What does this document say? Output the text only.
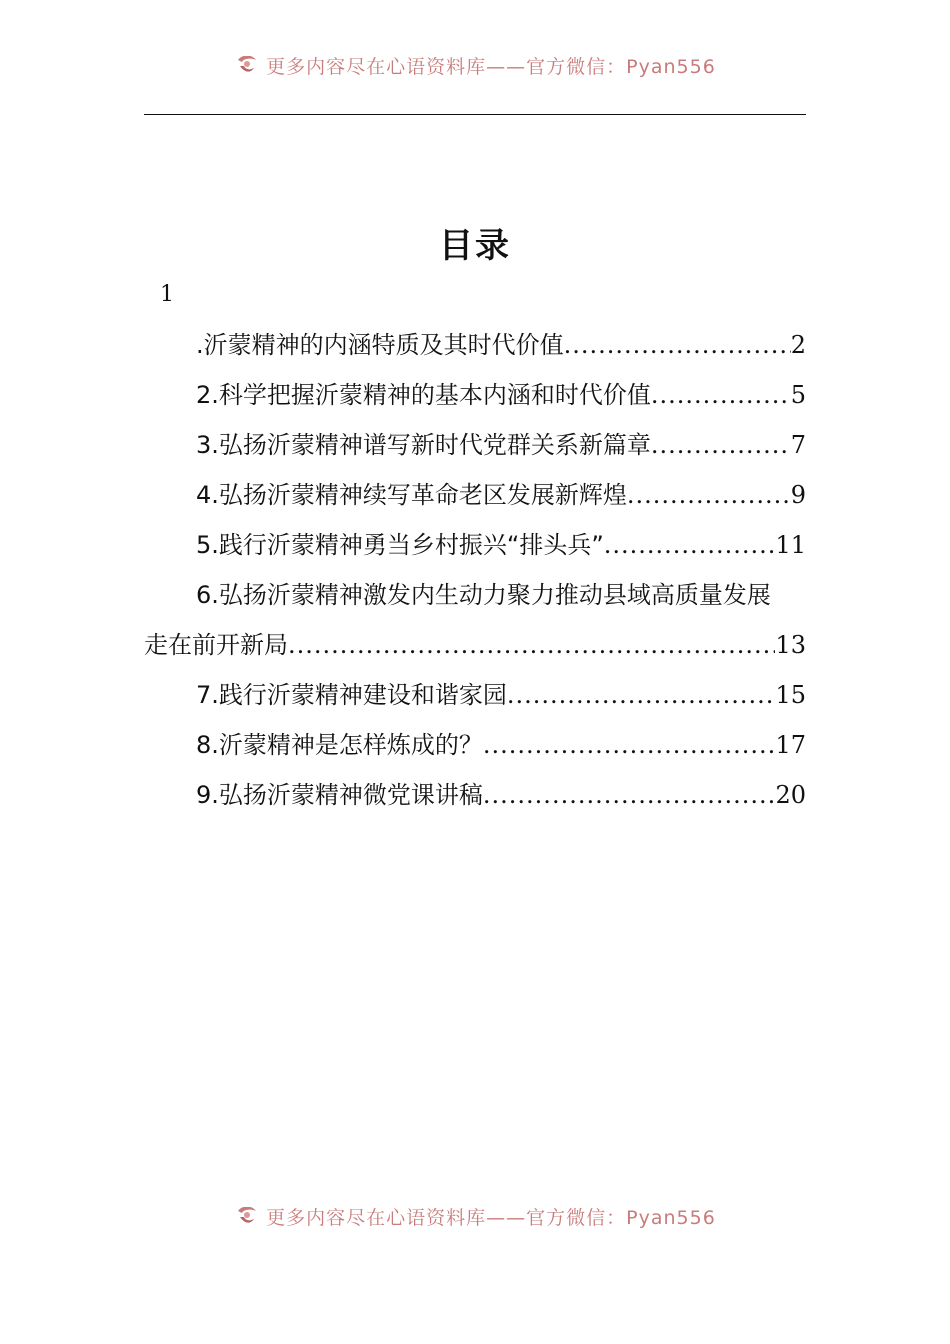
更多内容尽在心语资料库——官方微信：Pyan556
目录
1
.沂蒙精神的内涵特质及其时代价值 .....	2
2.科学把握沂蒙精神的基本内涵和时代价值 .....	5
3.弘扬沂蒙精神谱写新时代党群关系新篇章 .....	7
4.弘扬沂蒙精神续写革命老区发展新辉煌 .....	9
5.践行沂蒙精神勇当乡村振兴“排头兵” .....	11
6.弘扬沂蒙精神激发内生动力聚力推动县域高质量发展
走在前开新局 .....	13
7.践行沂蒙精神建设和谐家园 .....	15
8.沂蒙精神是怎样炼成的？ .....	17
9.弘扬沂蒙精神微党课讲稿 .....	20
更多内容尽在心语资料库——官方微信：Pyan556
